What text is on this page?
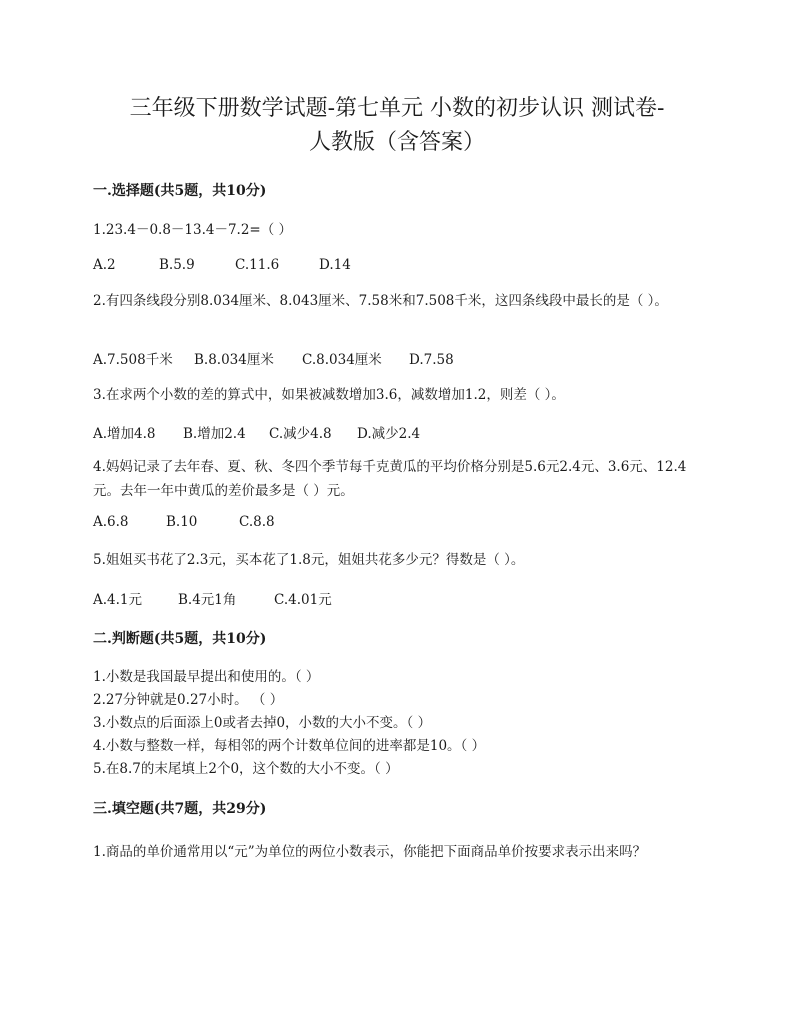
三年级下册数学试题-第七单元 小数的初步认识 测试卷-
人教版（含答案）
一.选择题(共5题，共10分)
1.23.4－0.8－13.4－7.2=（ ）
A.2	B.5.9	C.11.6	D.14
2.有四条线段分别8.034厘米、8.043厘米、7.58米和7.508千米，这四条线段中最长的是（ ）。
A.7.508千米 B.8.034厘米 C.8.034厘米 D.7.58
3.在求两个小数的差的算式中，如果被减数增加3.6，减数增加1.2，则差（ ）。
A.增加4.8 B.增加2.4 C.减少4.8 D.减少2.4
4.妈妈记录了去年春、夏、秋、冬四个季节每千克黄瓜的平均价格分别是5.6元2.4元、3.6元、12.4元。去年一年中黄瓜的差价最多是（ ）元。
A.6.8	B.10	C.8.8
5.姐姐买书花了2.3元，买本花了1.8元，姐姐共花多少元？得数是（ ）。
A.4.1元	B.4元1角	C.4.01元
二.判断题(共5题，共10分)
1.小数是我国最早提出和使用的。（ ）
2.27分钟就是0.27小时。 （ ）
3.小数点的后面添上0或者去掉0，小数的大小不变。（ ）
4.小数与整数一样，每相邻的两个计数单位间的进率都是10。（ ）
5.在8.7的末尾填上2个0，这个数的大小不变。（ ）
三.填空题(共7题，共29分)
1.商品的单价通常用以“元”为单位的两位小数表示，你能把下面商品单价按要求表示出来吗？
